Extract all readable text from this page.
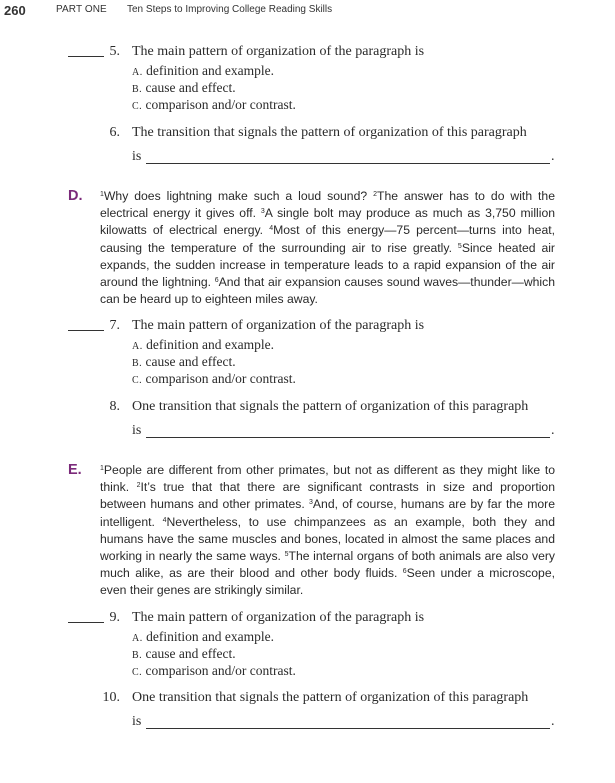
260	PART ONE Ten Steps to Improving College Reading Skills
5. The main pattern of organization of the paragraph is
A. definition and example.
B. cause and effect.
C. comparison and/or contrast.
6. The transition that signals the pattern of organization of this paragraph
is	.
D.	$^1$Why does lightning make such a loud sound? $^2$The answer has to do with the electrical energy it gives off. $^3$A single bolt may produce as much as 3,750 million kilowatts of electrical energy. $^4$Most of this energy—75 percent—turns into heat, causing the temperature of the surrounding air to rise greatly. $^5$Since heated air expands, the sudden increase in temperature leads to a rapid expansion of the air around the lightning. $^6$And that air expansion causes sound waves—thunder—which can be heard up to eighteen miles away.
7. The main pattern of organization of the paragraph is
A. definition and example.
B. cause and effect.
C. comparison and/or contrast.
8. One transition that signals the pattern of organization of this paragraph
is	.
E.	$^1$People are different from other primates, but not as different as they might like to think. $^2$It’s true that that there are significant contrasts in size and proportion between humans and other primates. $^3$And, of course, humans are by far the more intelligent. $^4$Nevertheless, to use chimpanzees as an example, both they and humans have the same muscles and bones, located in almost the same places and working in nearly the same ways. $^5$The internal organs of both animals are also very much alike, as are their blood and other body fluids. $^6$Seen under a microscope, even their genes are strikingly similar.
9. The main pattern of organization of the paragraph is
A. definition and example.
B. cause and effect.
C. comparison and/or contrast.
10. One transition that signals the pattern of organization of this paragraph
is	.
